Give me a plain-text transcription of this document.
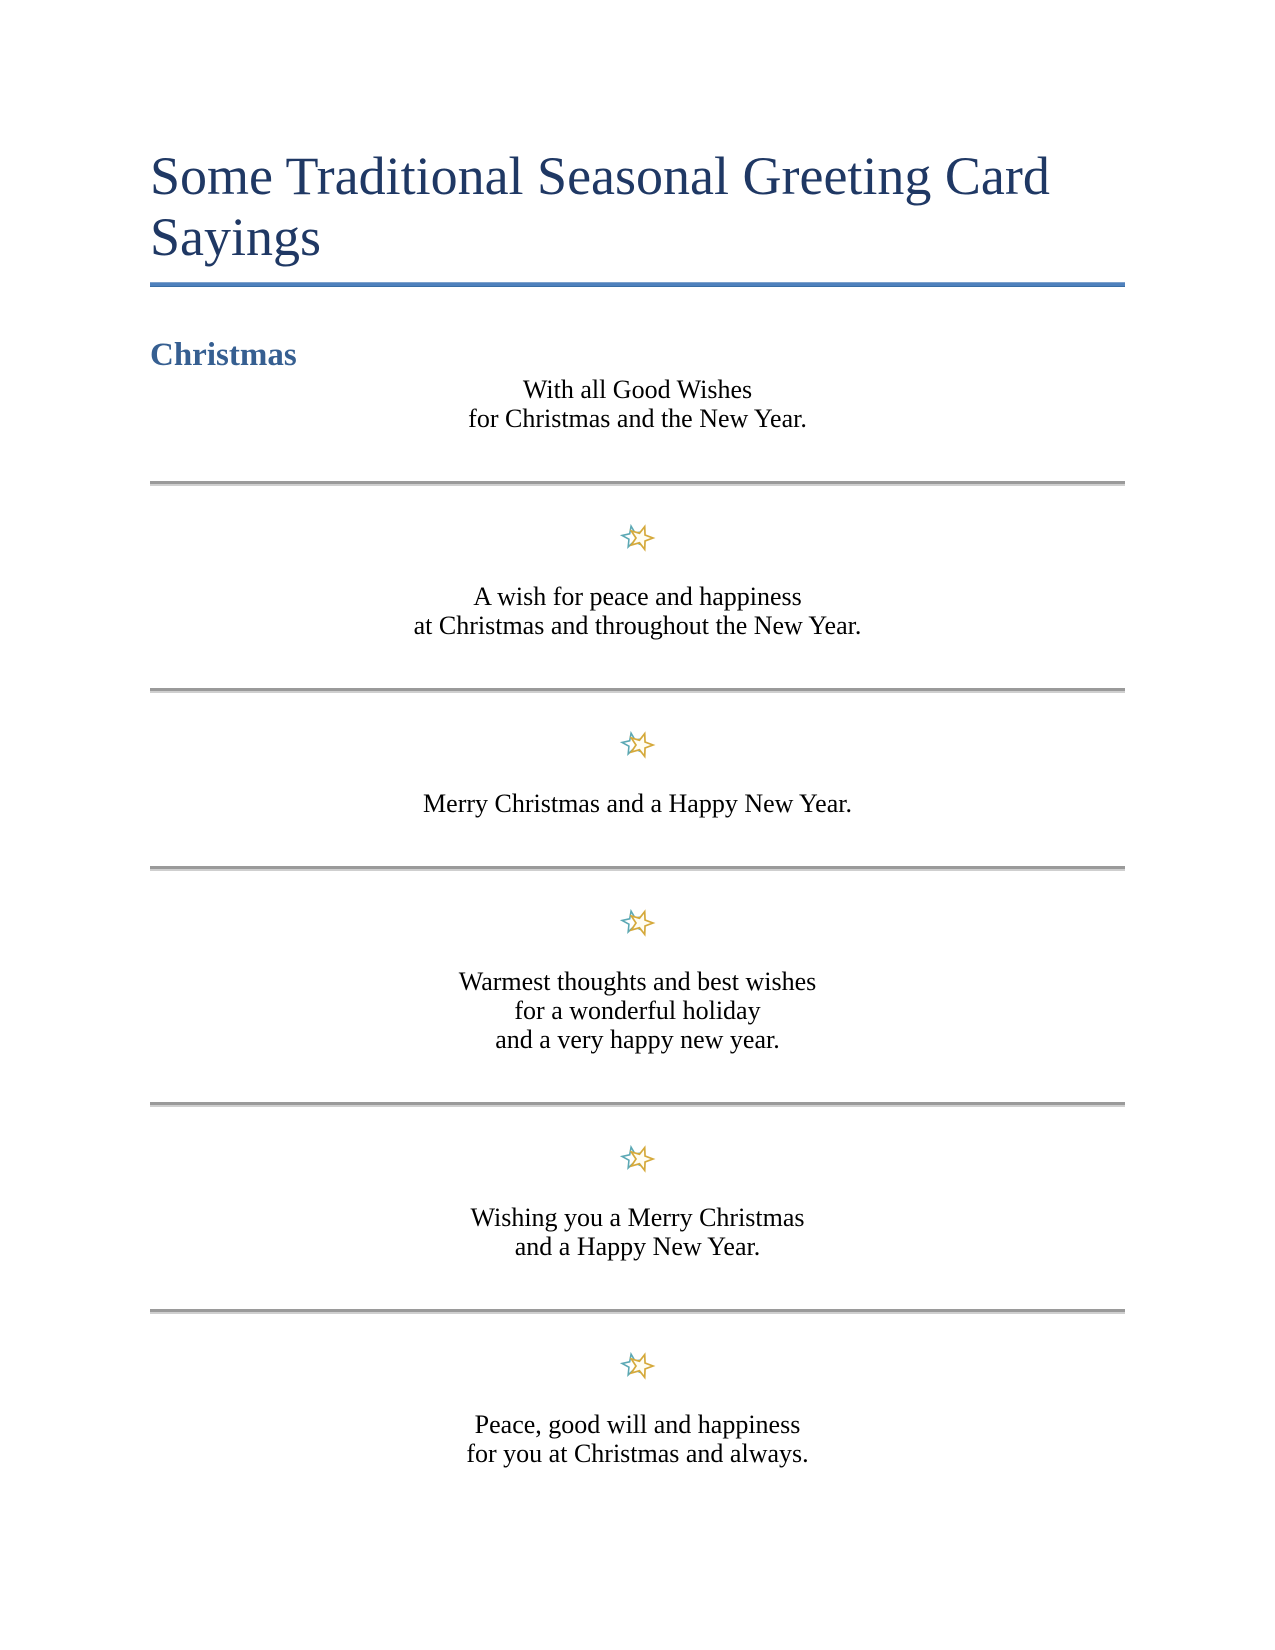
Some Traditional Seasonal Greeting Card Sayings
Christmas

With all Good Wishes
for Christmas and the New Year.

A wish for peace and happiness
at Christmas and throughout the New Year.

Merry Christmas and a Happy New Year.

Warmest thoughts and best wishes
for a wonderful holiday
and a very happy new year.

Wishing you a Merry Christmas
and a Happy New Year.

Peace, good will and happiness
for you at Christmas and always.
